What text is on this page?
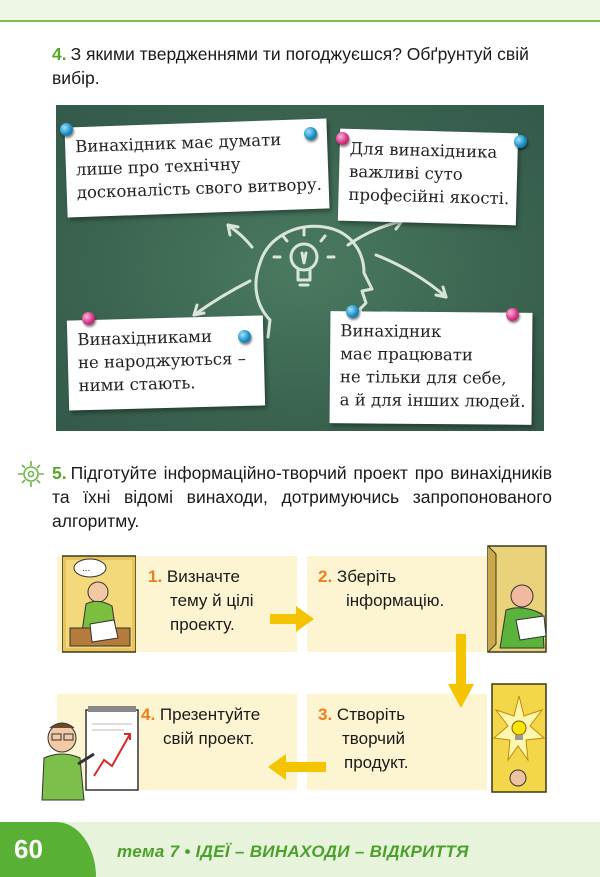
4. З якими твердженнями ти погоджуєшся? Обґрунтуй свій вибір.
Винахідник має думати
лише про технічну
досконалість свого витвору.
Для винахідника
важливі суто
професійні якості.
Винахідниками
не народжуються –
ними стають.
Винахідник
має працювати
не тільки для себе,
а й для інших людей.
5. Підготуйте інформаційно-творчий проект про винахідників та їхні відомі винаходи, дотримуючись запропонованого алгоритму.
...	1. Визначте
тему й цілі
проекту.
2. Зберіть
інформацію.
3. Створіть
творчий
продукт.
4. Презентуйте
свій проект.
60	тема 7 • ІДЕЇ – ВИНАХОДИ – ВІДКРИТТЯ
